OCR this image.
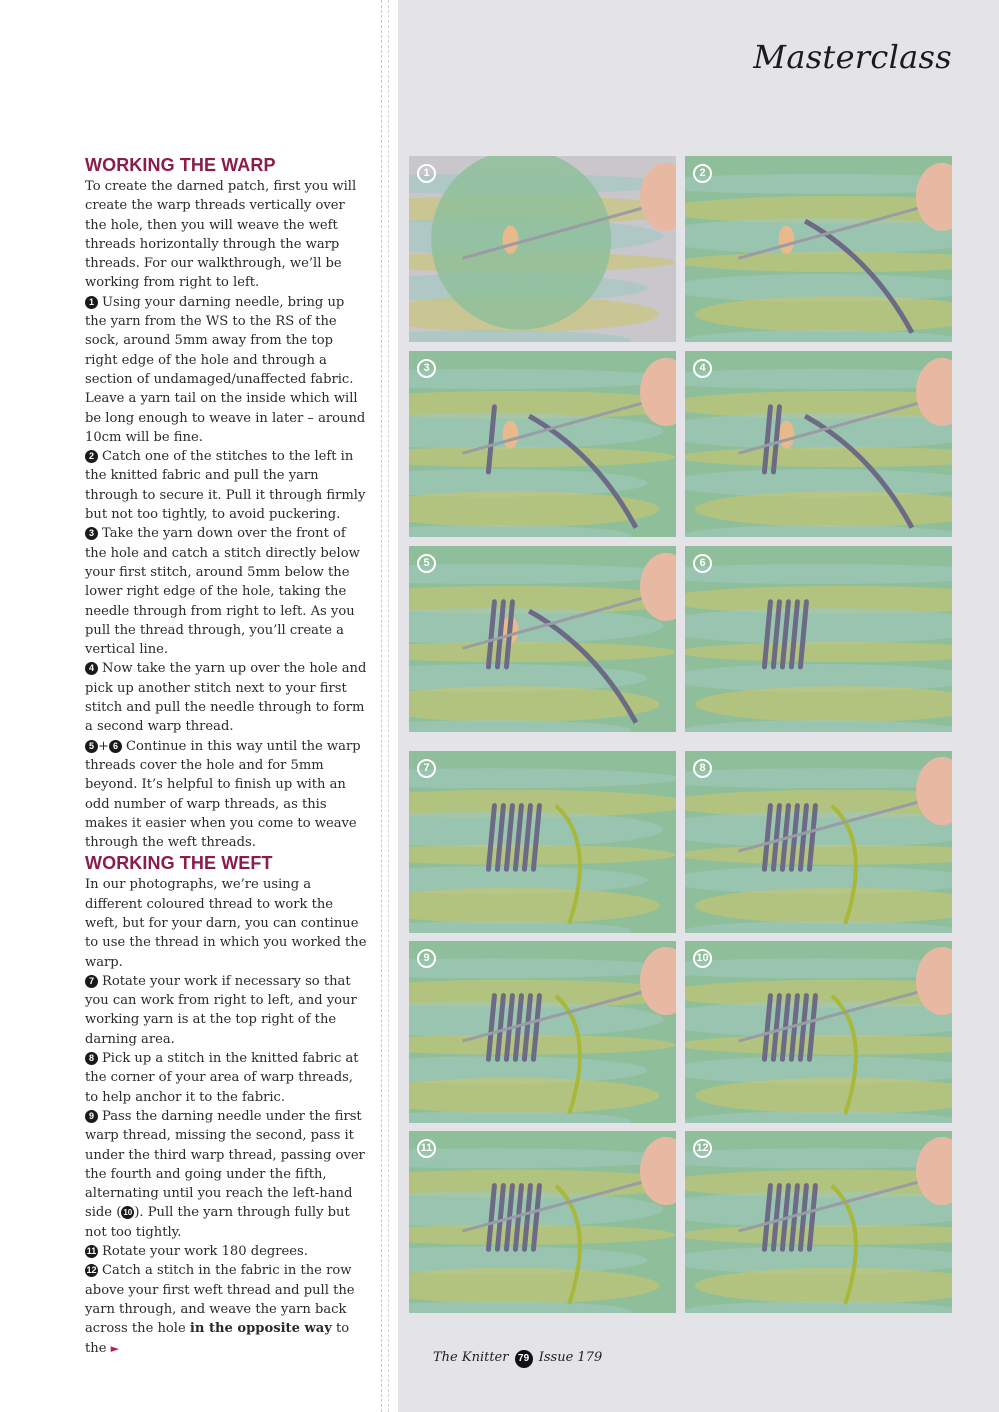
Masterclass
WORKING THE WARP

To create the darned patch, first you will create the warp threads vertically over the hole, then you will weave the weft threads horizontally through the warp threads. For our walkthrough, we’ll be working from right to left.

1 Using your darning needle, bring up the yarn from the WS to the RS of the sock, around 5mm away from the top right edge of the hole and through a section of undamaged/unaffected fabric. Leave a yarn tail on the inside which will be long enough to weave in later – around 10cm will be fine.

2 Catch one of the stitches to the left in the knitted fabric and pull the yarn through to secure it. Pull it through firmly but not too tightly, to avoid puckering.

3 Take the yarn down over the front of the hole and catch a stitch directly below your first stitch, around 5mm below the lower right edge of the hole, taking the needle through from right to left. As you pull the thread through, you’ll create a vertical line.

4 Now take the yarn up over the hole and pick up another stitch next to your first stitch and pull the needle through to form a second warp thread.

5 + 6 Continue in this way until the warp threads cover the hole and for 5mm beyond. It’s helpful to finish up with an odd number of warp threads, as this makes it easier when you come to weave through the weft threads.

WORKING THE WEFT

In our photographs, we’re using a different coloured thread to work the weft, but for your darn, you can continue to use the thread in which you worked the warp.

7 Rotate your work if necessary so that you can work from right to left, and your working yarn is at the top right of the darning area.

8 Pick up a stitch in the knitted fabric at the corner of your area of warp threads, to help anchor it to the fabric.

9 Pass the darning needle under the first warp thread, missing the second, pass it under the third warp thread, passing over the fourth and going under the fifth, alternating until you reach the left-hand side ( 10 ). Pull the yarn through fully but not too tightly.

11 Rotate your work 180 degrees.

12 Catch a stitch in the fabric in the row above your first weft thread and pull the yarn through, and weave the yarn back across the hole in the opposite way to the ►

1	2
3	4
5	6
7	8
9	10
11	12
The Knitter 79 Issue 179
